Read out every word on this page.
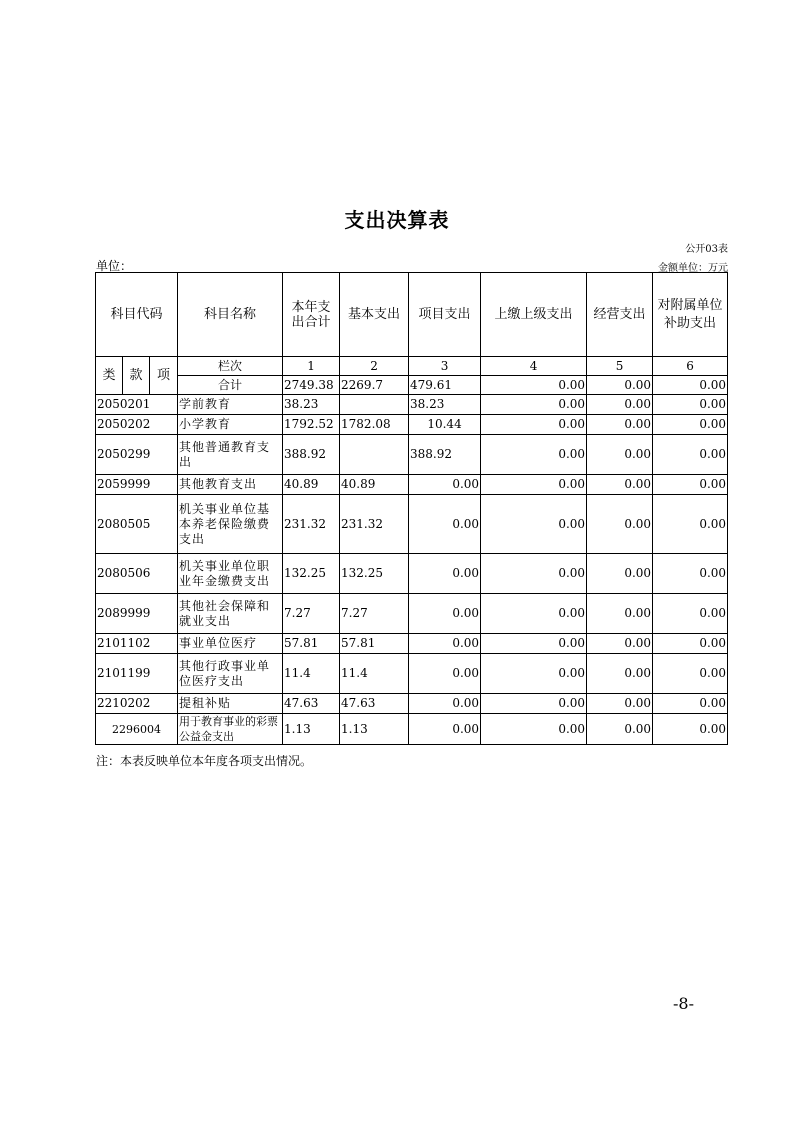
支出决算表
公开03表
单位：	金额单位：万元
科目代码			科目名称	本年支出合计	基本支出	项目支出	上缴上级支出	经营支出	对附属单位补助支出
类	款	项	栏次	1	2	3	4	5	6
			合计	2749.38	2269.7	479.61	0.00	0.00	0.00
2050201			学前教育	38.23		38.23	0.00	0.00	0.00
2050202			小学教育	1792.52	1782.08	10.44	0.00	0.00	0.00
2050299			其他普通教育支出	388.92		388.92	0.00	0.00	0.00
2059999			其他教育支出	40.89	40.89	0.00	0.00	0.00	0.00
2080505			机关事业单位基本养老保险缴费支出	231.32	231.32	0.00	0.00	0.00	0.00
2080506			机关事业单位职业年金缴费支出	132.25	132.25	0.00	0.00	0.00	0.00
2089999			其他社会保障和就业支出	7.27	7.27	0.00	0.00	0.00	0.00
2101102			事业单位医疗	57.81	57.81	0.00	0.00	0.00	0.00
2101199			其他行政事业单位医疗支出	11.4	11.4	0.00	0.00	0.00	0.00
2210202			提租补贴	47.63	47.63	0.00	0.00	0.00	0.00
2296004			用于教育事业的彩票公益金支出	1.13	1.13	0.00	0.00	0.00	0.00
注：本表反映单位本年度各项支出情况。
-8-
